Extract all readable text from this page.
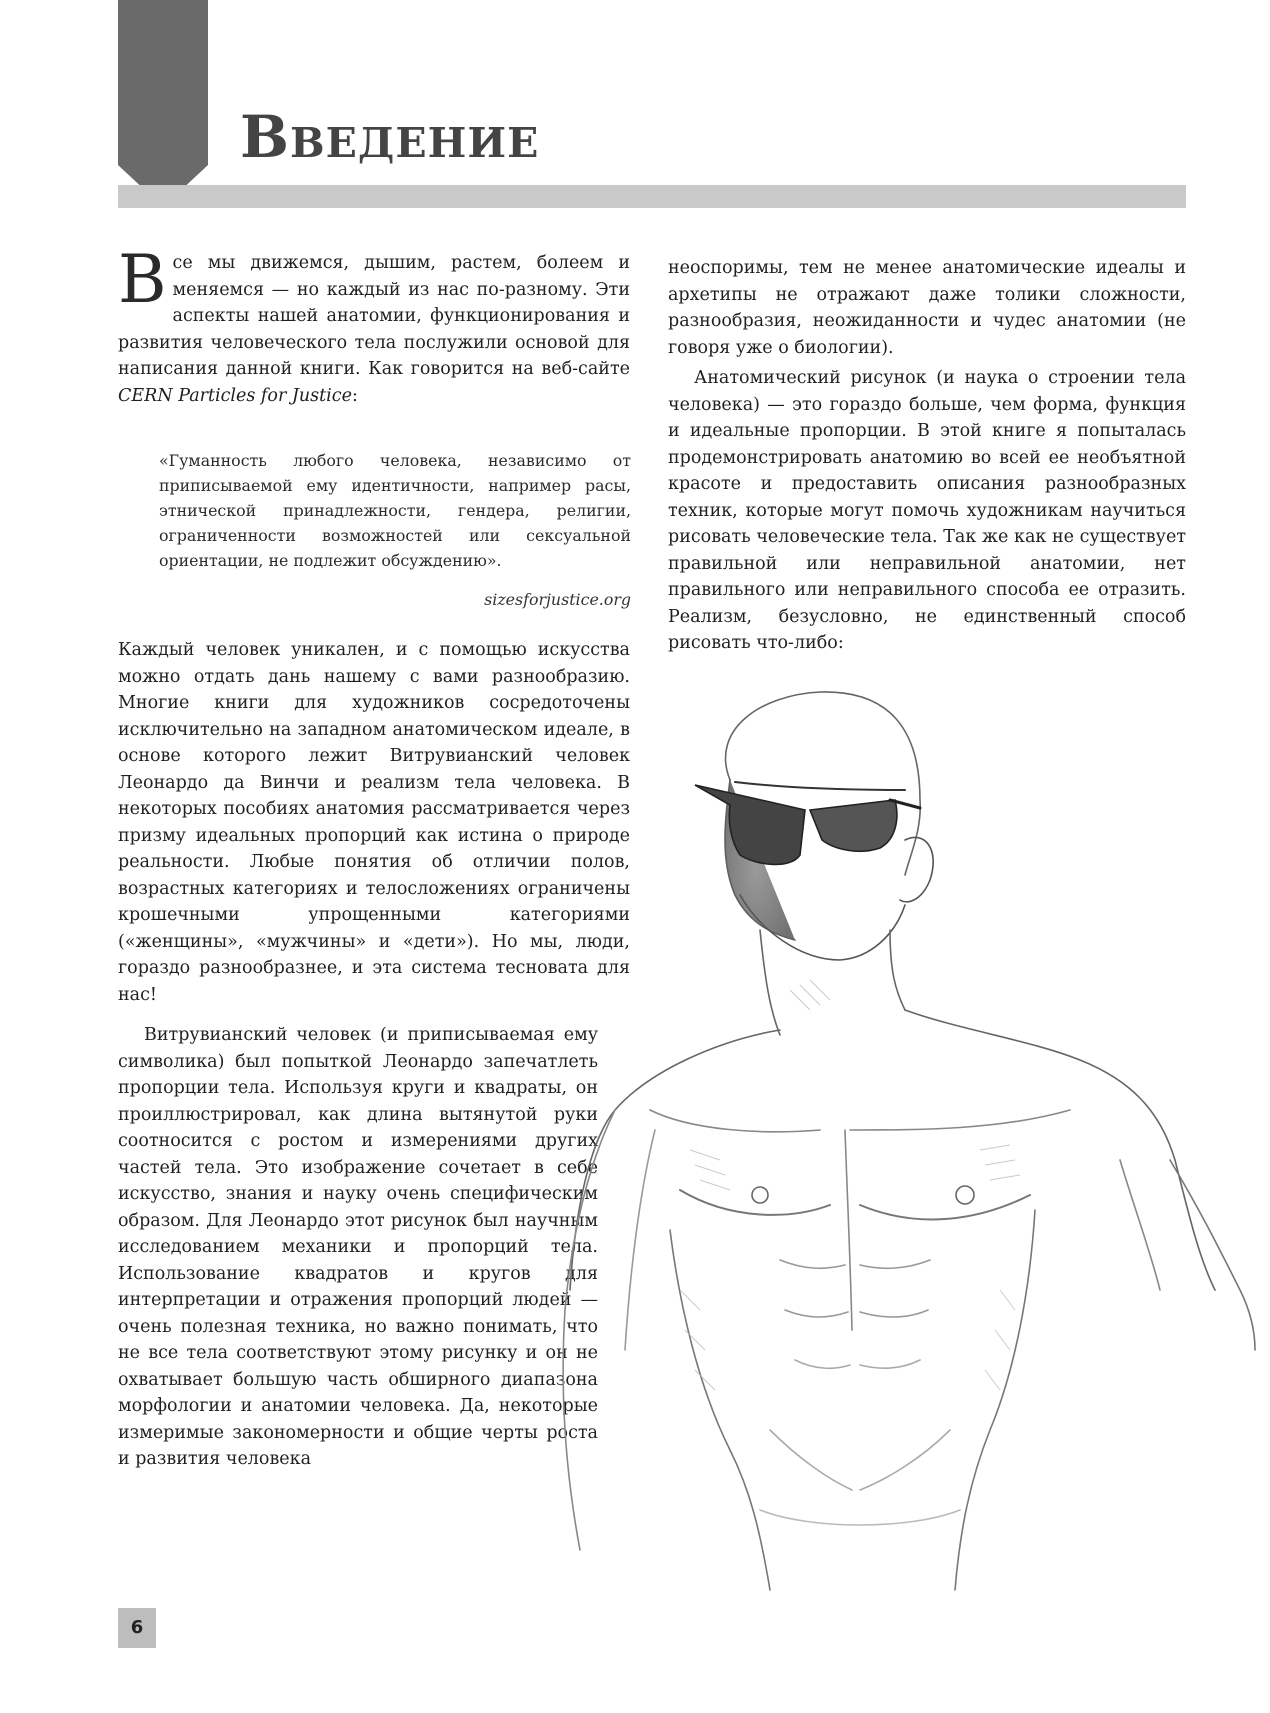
Введение

Все мы движемся, дышим, растем, болеем и меняемся — но каждый из нас по-разному. Эти аспекты нашей анатомии, функционирования и развития человеческого тела послужили основой для написания данной книги. Как говорится на веб-сайте CERN Particles for Justice:

«Гуманность любого человека, независимо от приписываемой ему идентичности, например расы, этнической принадлежности, гендера, религии, ограниченности возможностей или сексуальной ориентации, не подлежит обсуждению».
sizesforjustice.org

Каждый человек уникален, и с помощью искусства можно отдать дань нашему с вами разнообразию. Многие книги для художников сосредоточены исключительно на западном анатомическом идеале, в основе которого лежит Витрувианский человек Леонардо да Винчи и реализм тела человека. В некоторых пособиях анатомия рассматривается через призму идеальных пропорций как истина о природе реальности. Любые понятия об отличии полов, возрастных категориях и телосложениях ограничены крошечными упрощенными категориями («женщины», «мужчины» и «дети»). Но мы, люди, гораздо разнообразнее, и эта система тесновата для нас!

Витрувианский человек (и приписываемая ему символика) был попыткой Леонардо запечатлеть пропорции тела. Используя круги и квадраты, он проиллюстрировал, как длина вытянутой руки соотносится с ростом и измерениями других частей тела. Это изображение сочетает в себе искусство, знания и науку очень специфическим образом. Для Леонардо этот рисунок был научным исследованием механики и пропорций тела. Использование квадратов и кругов для интерпретации и отражения пропорций людей — очень полезная техника, но важно понимать, что не все тела соответствуют этому рисунку и он не охватывает большую часть обширного диапазона морфологии и анатомии человека. Да, некоторые измеримые закономерности и общие черты роста и развития человека

неоспоримы, тем не менее анатомические идеалы и архетипы не отражают даже толики сложности, разнообразия, неожиданности и чудес анатомии (не говоря уже о биологии).

Анатомический рисунок (и наука о строении тела человека) — это гораздо больше, чем форма, функция и идеальные пропорции. В этой книге я попыталась продемонстрировать анатомию во всей ее необъятной красоте и предоставить описания разнообразных техник, которые могут помочь художникам научиться рисовать человеческие тела. Так же как не существует правильной или неправильной анатомии, нет правильного или неправильного способа ее отразить. Реализм, безусловно, не единственный способ рисовать что-либо:

6
